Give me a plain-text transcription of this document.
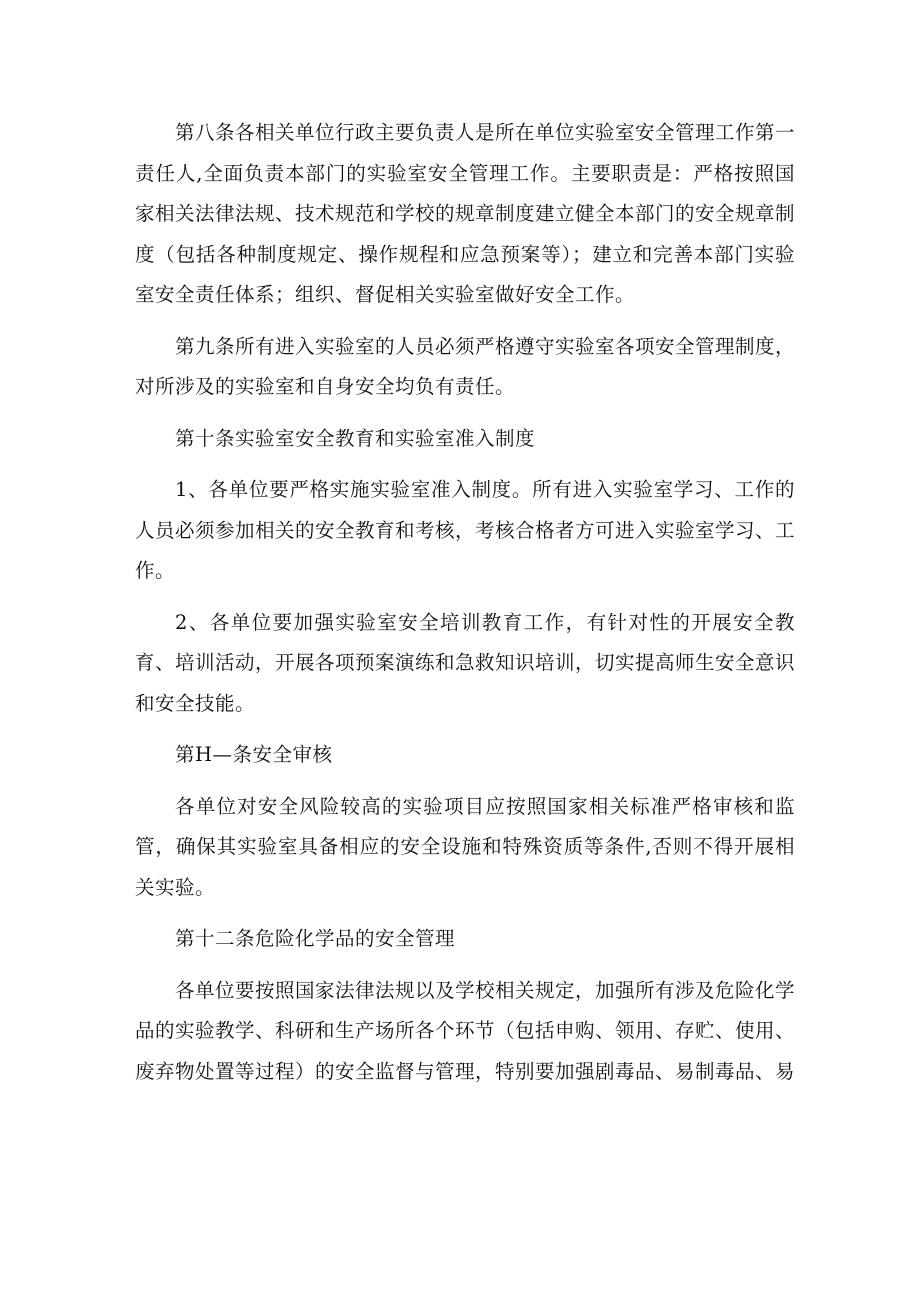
第八条各相关单位行政主要负责人是所在单位实验室安全管理工作第一责任人,全面负责本部门的实验室安全管理工作。主要职责是：严格按照国家相关法律法规、技术规范和学校的规章制度建立健全本部门的安全规章制度（包括各种制度规定、操作规程和应急预案等）；建立和完善本部门实验室安全责任体系；组织、督促相关实验室做好安全工作。

第九条所有进入实验室的人员必须严格遵守实验室各项安全管理制度，对所涉及的实验室和自身安全均负有责任。

第十条实验室安全教育和实验室准入制度

1、各单位要严格实施实验室准入制度。所有进入实验室学习、工作的人员必须参加相关的安全教育和考核，考核合格者方可进入实验室学习、工作。

2、各单位要加强实验室安全培训教育工作，有针对性的开展安全教育、培训活动，开展各项预案演练和急救知识培训，切实提高师生安全意识和安全技能。

第H—条安全审核

各单位对安全风险较高的实验项目应按照国家相关标准严格审核和监管，确保其实验室具备相应的安全设施和特殊资质等条件,否则不得开展相关实验。

第十二条危险化学品的安全管理

各单位要按照国家法律法规以及学校相关规定，加强所有涉及危险化学品的实验教学、科研和生产场所各个环节（包括申购、领用、存贮、使用、废弃物处置等过程）的安全监督与管理，特别要加强剧毒品、易制毒品、易
